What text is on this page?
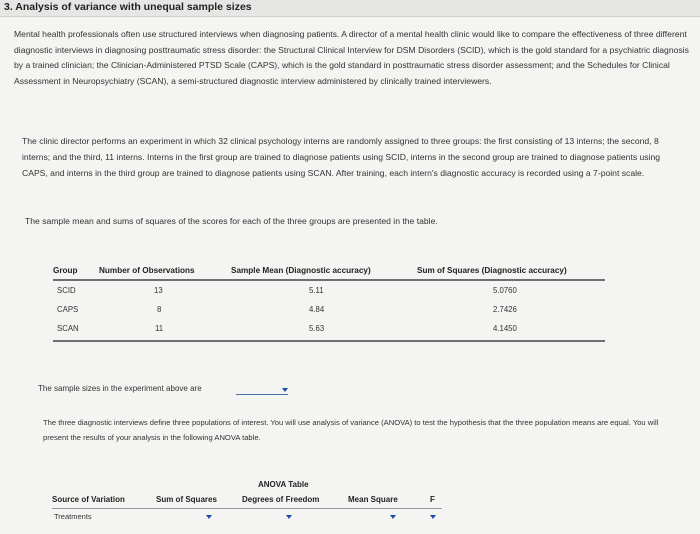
3. Analysis of variance with unequal sample sizes

Mental health professionals often use structured interviews when diagnosing patients. A director of a mental health clinic would like to compare the effectiveness of three different diagnostic interviews in diagnosing posttraumatic stress disorder: the Structural Clinical Interview for DSM Disorders (SCID), which is the gold standard for a psychiatric diagnosis by a trained clinician; the Clinician-Administered PTSD Scale (CAPS), which is the gold standard in posttraumatic stress disorder assessment; and the Schedules for Clinical Assessment in Neuropsychiatry (SCAN), a semi-structured diagnostic interview administered by clinically trained interviewers.

The clinic director performs an experiment in which 32 clinical psychology interns are randomly assigned to three groups: the first consisting of 13 interns; the second, 8 interns; and the third, 11 interns. Interns in the first group are trained to diagnose patients using SCID, interns in the second group are trained to diagnose patients using CAPS, and interns in the third group are trained to diagnose patients using SCAN. After training, each intern's diagnostic accuracy is recorded using a 7-point scale.

The sample mean and sums of squares of the scores for each of the three groups are presented in the table.

Group	Number of Observations	Sample Mean (Diagnostic accuracy)	Sum of Squares (Diagnostic accuracy)
SCID	13	5.11	5.0760
CAPS	8	4.84	2.7426
SCAN	11	5.63	4.1450
The sample sizes in the experiment above are

The three diagnostic interviews define three populations of interest. You will use analysis of variance (ANOVA) to test the hypothesis that the three population means are equal. You will present the results of your analysis in the following ANOVA table.

ANOVA Table
Source of Variation	Sum of Squares	Degrees of Freedom	Mean Square	F
Treatments
